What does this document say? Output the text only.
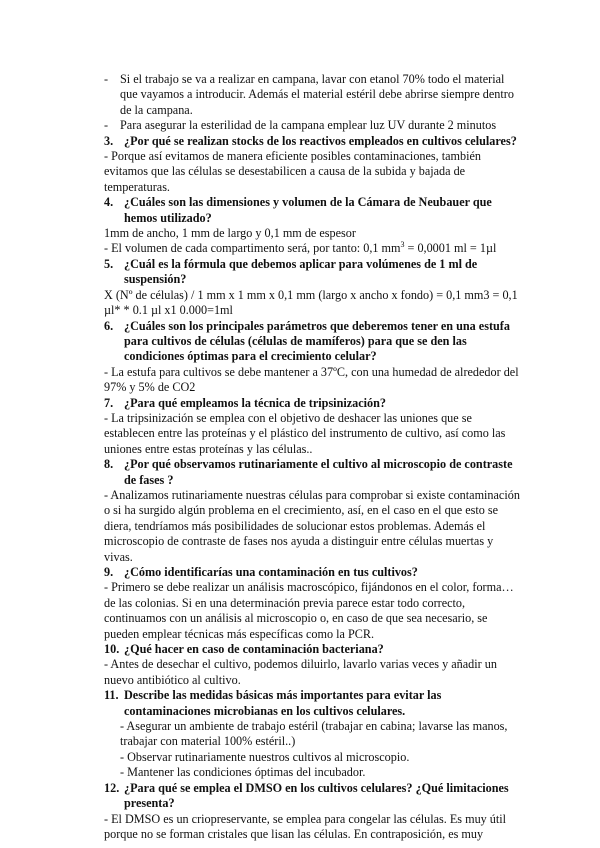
- Si el trabajo se va a realizar en campana, lavar con etanol 70% todo el material que vayamos a introducir. Además el material estéril debe abrirse siempre dentro de la campana.
- Para asegurar la esterilidad de la campana emplear luz UV durante 2 minutos
3. ¿Por qué se realizan stocks de los reactivos empleados en cultivos celulares?
- Porque así evitamos de manera eficiente posibles contaminaciones, también evitamos que las células se desestabilicen a causa de la subida y bajada de temperaturas.
4. ¿Cuáles son las dimensiones y volumen de la Cámara de Neubauer que hemos utilizado?
1mm de ancho, 1 mm de largo y 0,1 mm de espesor
- El volumen de cada compartimento será, por tanto: 0,1 $mm^3 = 0,0001$ ml = 1µl
5. ¿Cuál es la fórmula que debemos aplicar para volúmenes de 1 ml de suspensión?
X (Nº de células) / 1 mm x 1 mm x 0,1 mm (largo x ancho x fondo) = 0,1 mm3 = 0,1 µl* * 0.1 µl x1 0.000=1ml
6. ¿Cuáles son los principales parámetros que deberemos tener en una estufa para cultivos de células (células de mamíferos) para que se den las condiciones óptimas para el crecimiento celular?
- La estufa para cultivos se debe mantener a 37ºC, con una humedad de alrededor del 97% y 5% de CO2
7. ¿Para qué empleamos la técnica de tripsinización?
- La tripsinización se emplea con el objetivo de deshacer las uniones que se establecen entre las proteínas y el plástico del instrumento de cultivo, así como las uniones entre estas proteínas y las células..
8. ¿Por qué observamos rutinariamente el cultivo al microscopio de contraste de fases ?
- Analizamos rutinariamente nuestras células para comprobar si existe contaminación o si ha surgido algún problema en el crecimiento, así, en el caso en el que esto se diera, tendríamos más posibilidades de solucionar estos problemas. Además el microscopio de contraste de fases nos ayuda a distinguir entre células muertas y vivas.
9. ¿Cómo identificarías una contaminación en tus cultivos?
- Primero se debe realizar un análisis macroscópico, fijándonos en el color, forma… de las colonias. Si en una determinación previa parece estar todo correcto, continuamos con un análisis al microscopio o, en caso de que sea necesario, se pueden emplear técnicas más específicas como la PCR.
10. ¿Qué hacer en caso de contaminación bacteriana?
- Antes de desechar el cultivo, podemos diluirlo, lavarlo varias veces y añadir un nuevo antibiótico al cultivo.
11. Describe las medidas básicas más importantes para evitar las contaminaciones microbianas en los cultivos celulares.
- Asegurar un ambiente de trabajo estéril (trabajar en cabina; lavarse las manos, trabajar con material 100% estéril..)
- Observar rutinariamente nuestros cultivos al microscopio.
- Mantener las condiciones óptimas del incubador.
12. ¿Para qué se emplea el DMSO en los cultivos celulares? ¿Qué limitaciones presenta?
- El DMSO es un criopreservante, se emplea para congelar las células. Es muy útil porque no se forman cristales que lisan las células. En contraposición, es muy
